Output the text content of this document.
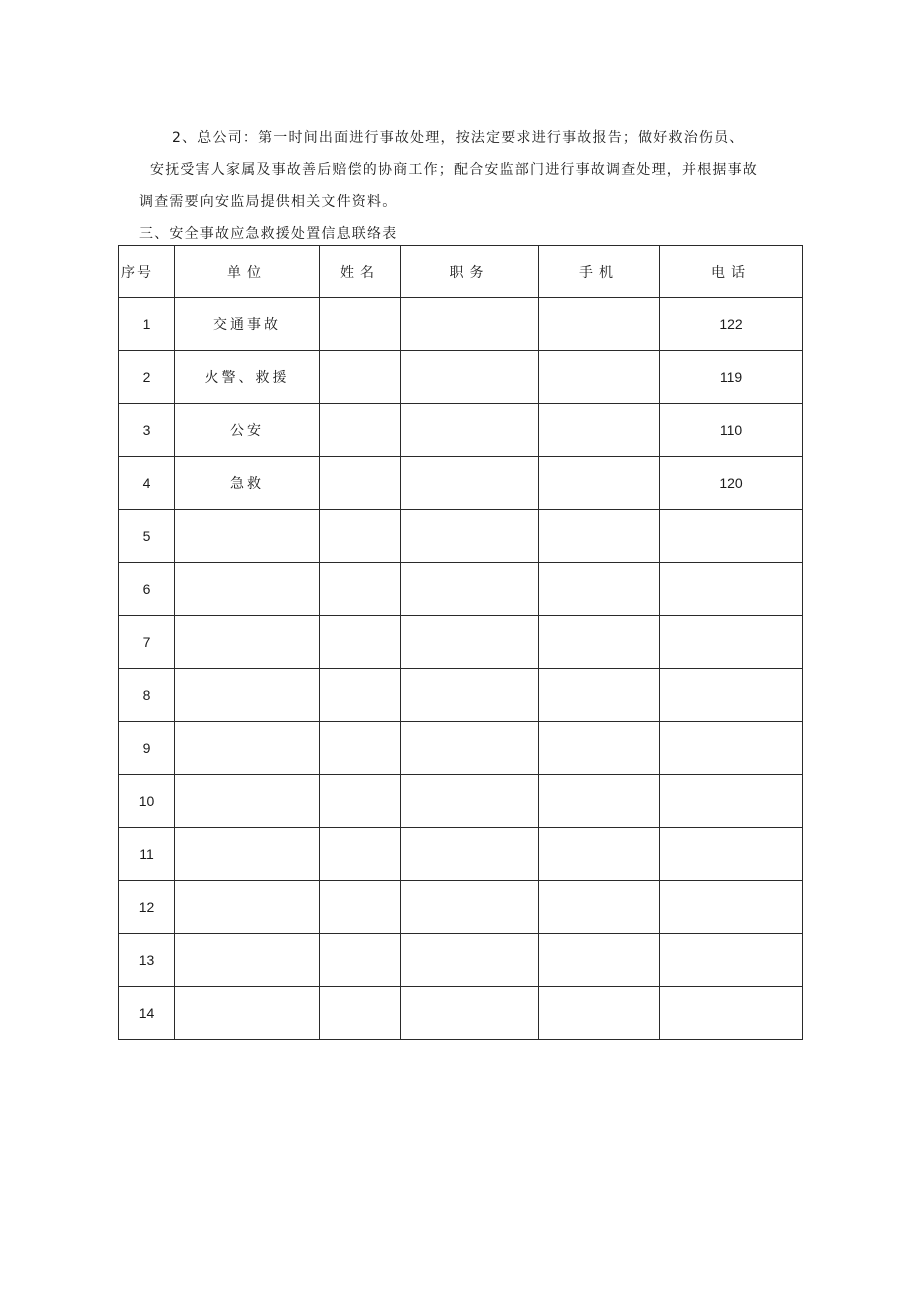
2、总公司：第一时间出面进行事故处理，按法定要求进行事故报告；做好救治伤员、
安抚受害人家属及事故善后赔偿的协商工作；配合安监部门进行事故调查处理，并根据事故
调查需要向安监局提供相关文件资料。
三、安全事故应急救援处置信息联络表
序号	单位	姓名	职务	手机	电话
1	交通事故				122
2	火警、救援				119
3	公安				110
4	急救				120
5					
6					
7					
8					
9					
10					
11					
12					
13					
14					
